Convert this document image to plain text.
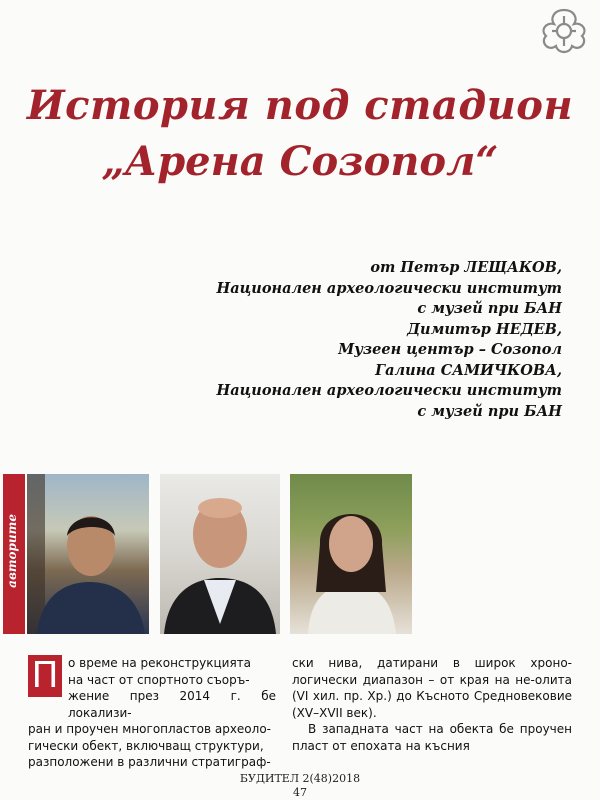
История под стадион
„Арена Созопол“
от Петър ЛЕЩАКОВ,
Национален археологически институт
с музей при БАН
Димитър НЕДЕВ,
Музеен център – Созопол
Галина САМИЧКОВА,
Национален археологически институт
с музей при БАН
авторите
П о време на реконструкцията
на част от спортното съоръ-
жение през 2014 г. бе локализи-
ран и проучен многопластов археоло-
гически обект, включващ структури,
разположени в различни стратиграф-

ски нива, датирани в широк хроно-логически диапазон – от края на не-олита (VI хил. пр. Хр.) до Късното Средновековие (XV–XVII век).

В западната част на обекта бе проучен пласт от епохата на късния

БУДИТЕЛ 2(48)2018
47
